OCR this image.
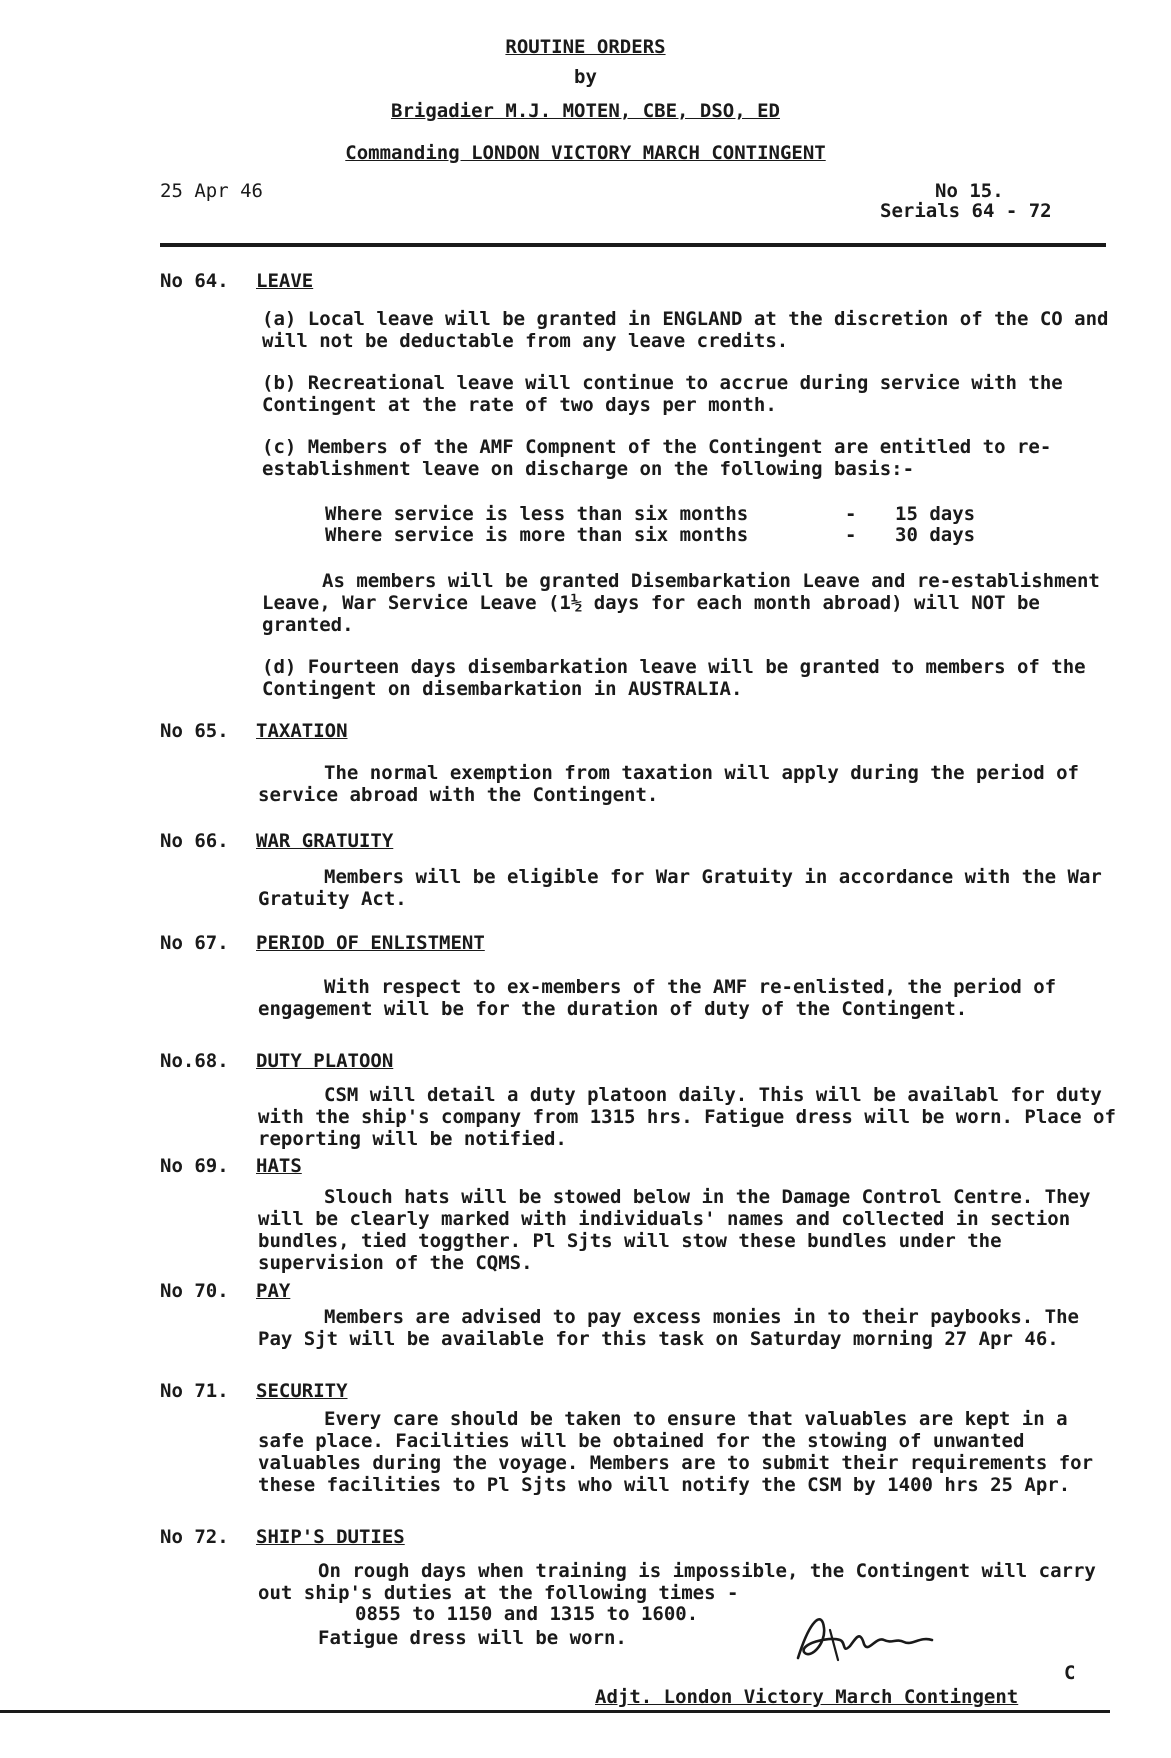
ROUTINE ORDERS
by
Brigadier M.J. MOTEN, CBE, DSO, ED
Commanding LONDON VICTORY MARCH CONTINGENT
25 Apr 46	No 15.
Serials 64 - 72
No 64. LEAVE

(a) Local leave will be granted in ENGLAND at the discretion of the CO and will not be deductable from any leave credits.

(b) Recreational leave will continue to accrue during service with the Contingent at the rate of two days per month.

(c) Members of the AMF Compnent of the Contingent are entitled to re-establishment leave on discharge on the following basis:-

Where service is less than six months	- 15 days
Where service is more than six months	- 30 days

As members will be granted Disembarkation Leave and re-establishment Leave, War Service Leave (1½ days for each month abroad) will NOT be granted.

(d) Fourteen days disembarkation leave will be granted to members of the Contingent on disembarkation in AUSTRALIA.

No 65. TAXATION

The normal exemption from taxation will apply during the period of service abroad with the Contingent.

No 66. WAR GRATUITY

Members will be eligible for War Gratuity in accordance with the War Gratuity Act.

No 67. PERIOD OF ENLISTMENT

With respect to ex-members of the AMF re-enlisted, the period of engagement will be for the duration of duty of the Contingent.

No.68. DUTY PLATOON

CSM will detail a duty platoon daily. This will be availabl for duty with the ship's company from 1315 hrs. Fatigue dress will be worn. Place of reporting will be notified.

No 69. HATS

Slouch hats will be stowed below in the Damage Control Centre. They will be clearly marked with individuals' names and collected in section bundles, tied toggther. Pl Sjts will stow these bundles under the supervision of the CQMS.

No 70. PAY

Members are advised to pay excess monies in to their paybooks. The Pay Sjt will be available for this task on Saturday morning 27 Apr 46.

No 71. SECURITY

Every care should be taken to ensure that valuables are kept in a safe place. Facilities will be obtained for the stowing of unwanted valuables during the voyage. Members are to submit their requirements for these facilities to Pl Sjts who will notify the CSM by 1400 hrs 25 Apr.

No 72. SHIP'S DUTIES

On rough days when training is impossible, the Contingent will carry out ship's duties at the following times -

0855 to 1150 and 1315 to 1600.
Fatigue dress will be worn.
C
Adjt. London Victory March Contingent
